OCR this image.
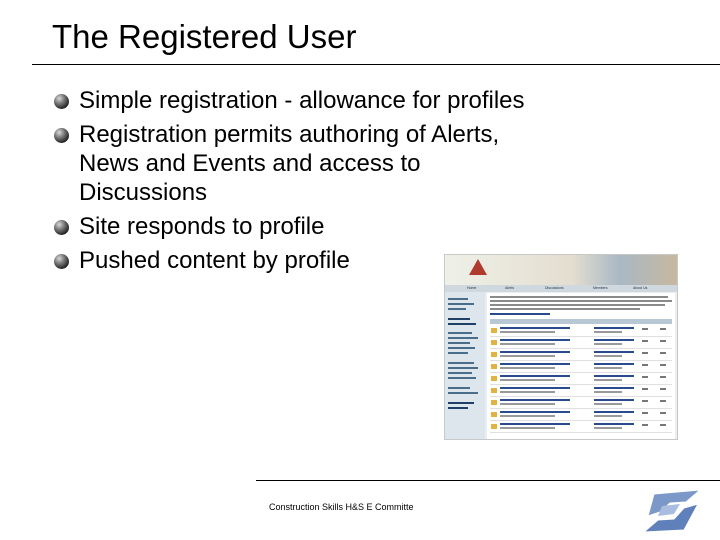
The Registered User
Simple registration - allowance for profiles
Registration permits authoring of Alerts, News and Events and access to Discussions
Site responds to profile
Pushed content by profile
Home	Alerts	Discussions	Members	About Us
Construction Skills H&S E Committe
